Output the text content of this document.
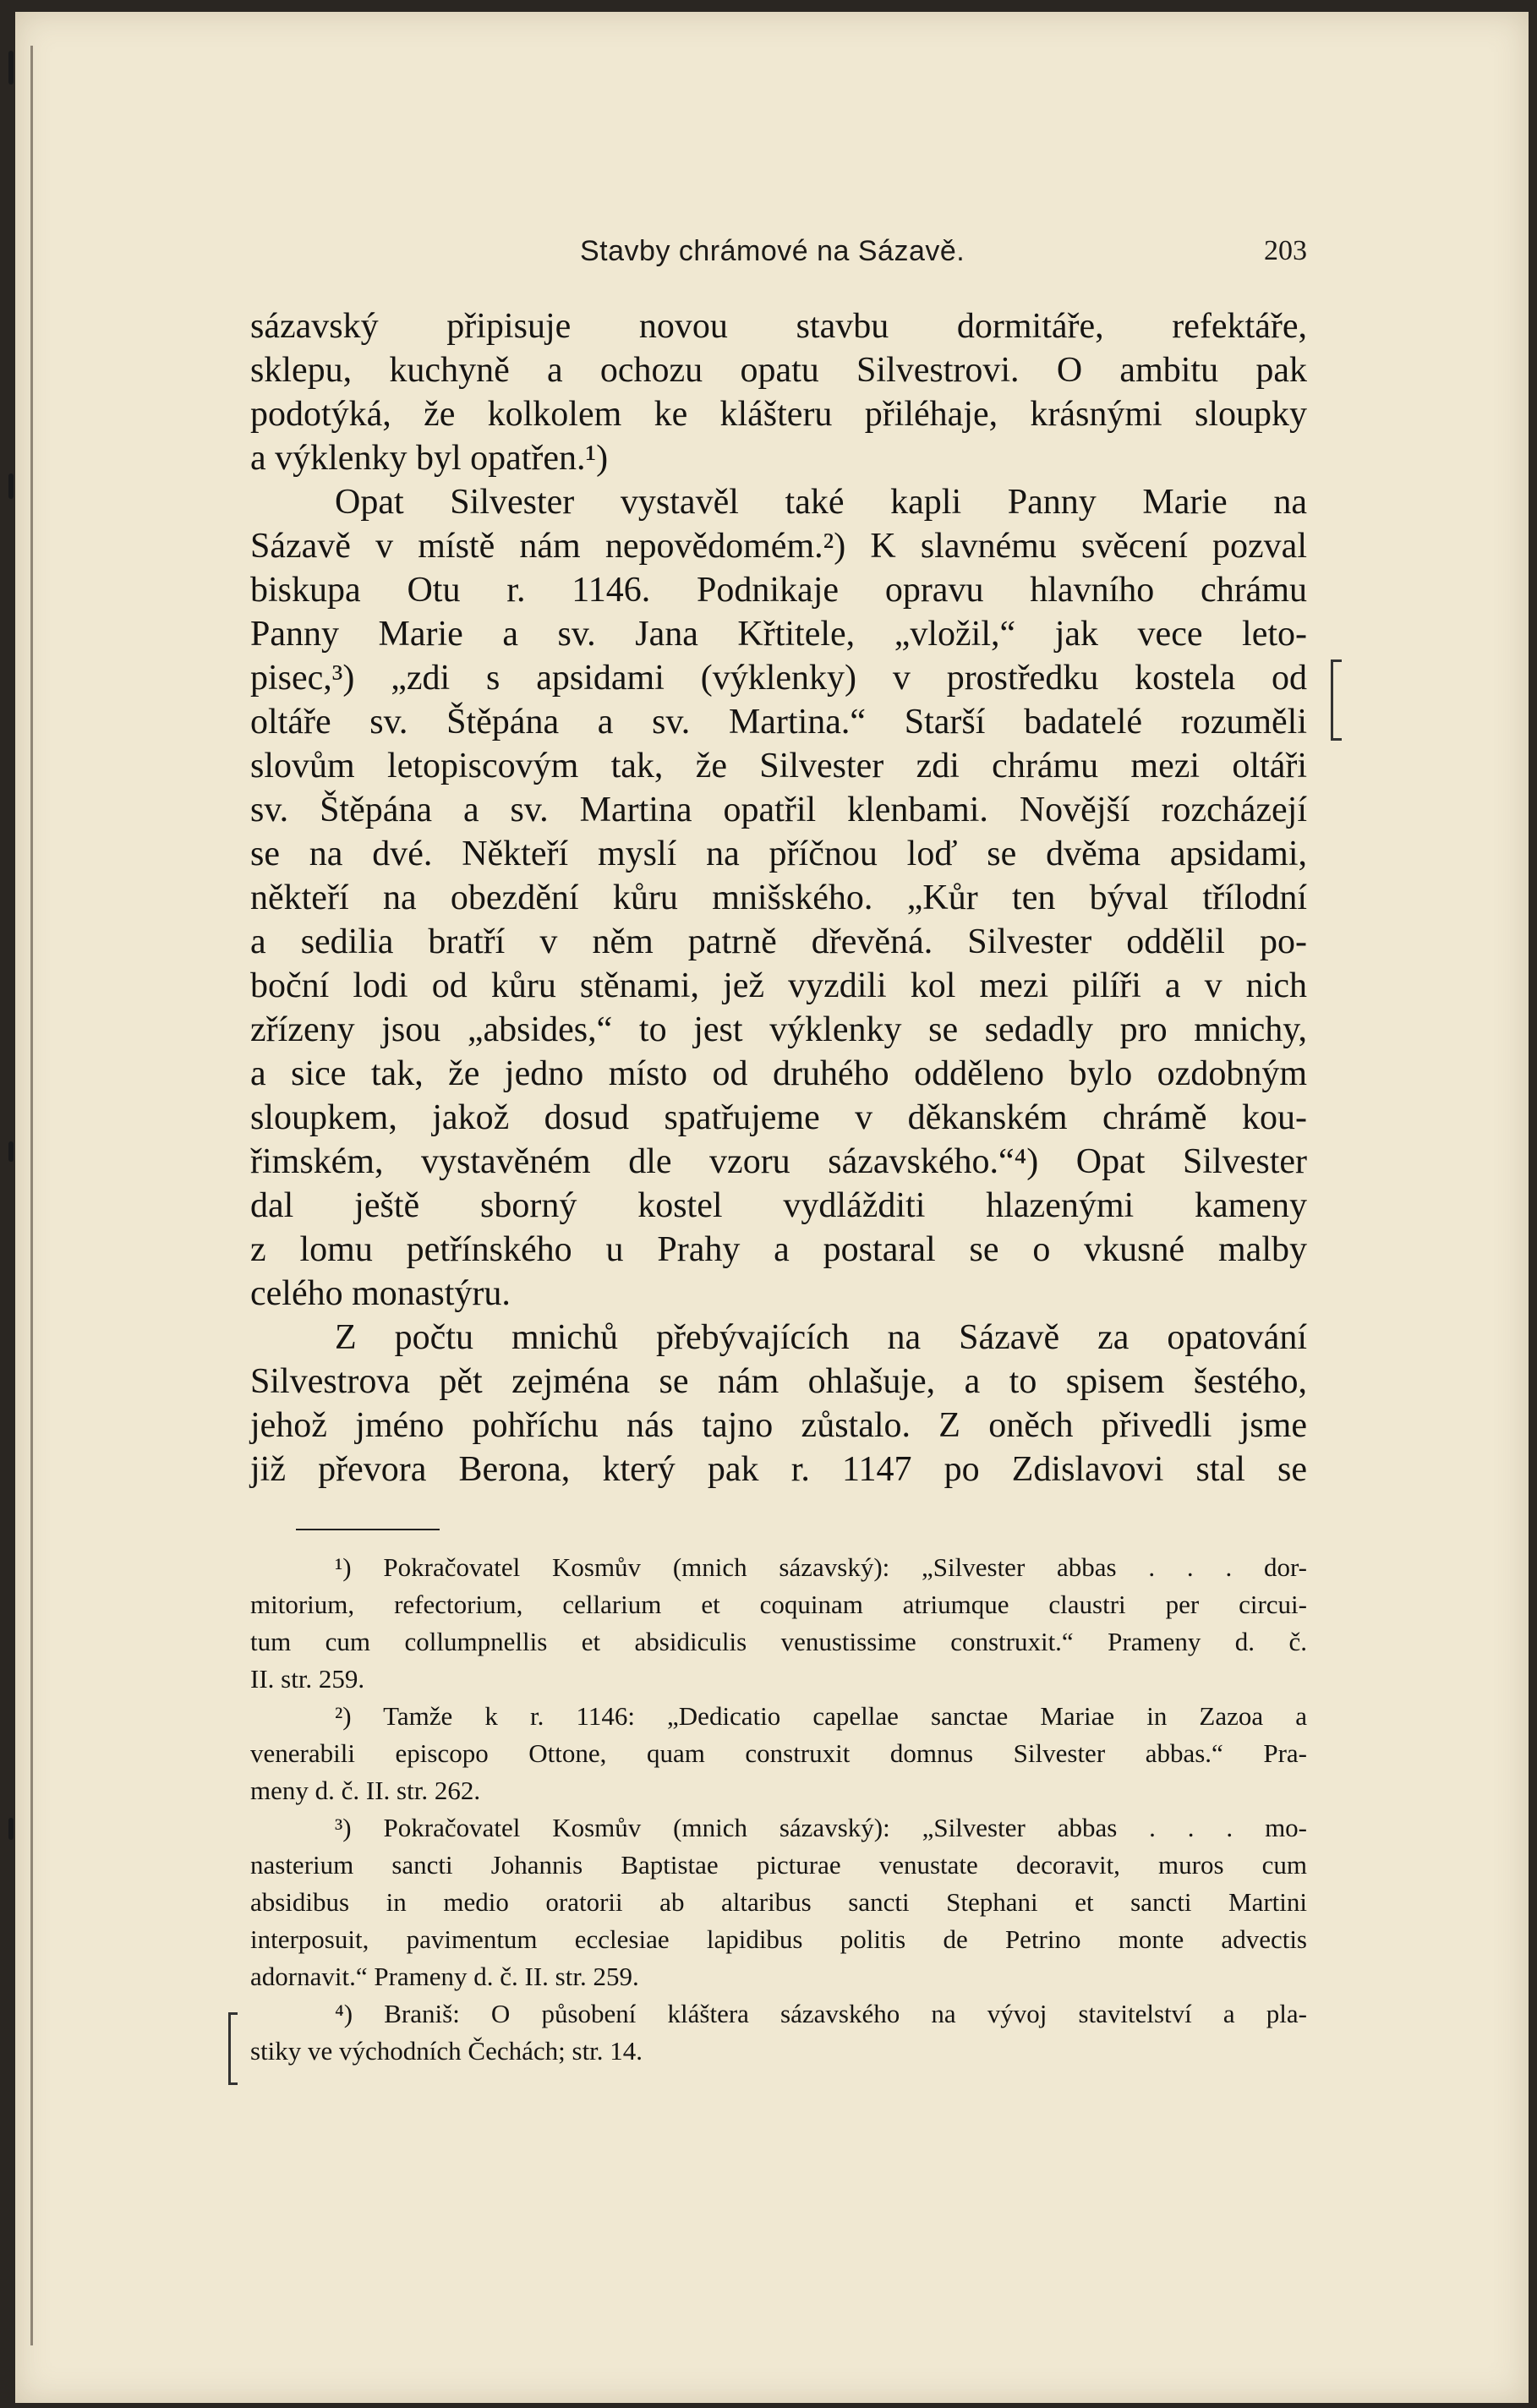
Stavby chrámové na Sázavě.	203
sázavský připisuje novou stavbu dormitáře, refektáře,
sklepu, kuchyně a ochozu opatu Silvestrovi. O ambitu pak
podotýká, že kolkolem ke klášteru přiléhaje, krásnými sloupky
a výklenky byl opatřen.¹)
Opat Silvester vystavěl také kapli Panny Marie na
Sázavě v místě nám nepovědomém.²) K slavnému svěcení pozval
biskupa Otu r. 1146. Podnikaje opravu hlavního chrámu
Panny Marie a sv. Jana Křtitele, „vložil,“ jak vece leto-
pisec,³) „zdi s apsidami (výklenky) v prostředku kostela od
oltáře sv. Štěpána a sv. Martina.“ Starší badatelé rozuměli
slovům letopiscovým tak, že Silvester zdi chrámu mezi oltáři
sv. Štěpána a sv. Martina opatřil klenbami. Novější rozcházejí
se na dvé. Někteří myslí na příčnou loď se dvěma apsidami,
někteří na obezdění kůru mnišského. „Kůr ten býval třílodní
a sedilia bratří v něm patrně dřevěná. Silvester oddělil po-
boční lodi od kůru stěnami, jež vyzdili kol mezi pilíři a v nich
zřízeny jsou „absides,“ to jest výklenky se sedadly pro mnichy,
a sice tak, že jedno místo od druhého odděleno bylo ozdobným
sloupkem, jakož dosud spatřujeme v děkanském chrámě kou-
řimském, vystavěném dle vzoru sázavského.“⁴) Opat Silvester
dal ještě sborný kostel vydlážditi hlazenými kameny
z lomu petřínského u Prahy a postaral se o vkusné malby
celého monastýru.
Z počtu mnichů přebývajících na Sázavě za opatování
Silvestrova pět zejména se nám ohlašuje, a to spisem šestého,
jehož jméno pohříchu nás tajno zůstalo. Z oněch přivedli jsme
již převora Berona, který pak r. 1147 po Zdislavovi stal se
¹) Pokračovatel Kosmův (mnich sázavský): „Silvester abbas . . . dor-
mitorium, refectorium, cellarium et coquinam atriumque claustri per circui-
tum cum collumpnellis et absidiculis venustissime construxit.“ Prameny d. č.
II. str. 259.
²) Tamže k r. 1146: „Dedicatio capellae sanctae Mariae in Zazoa a
venerabili episcopo Ottone, quam construxit domnus Silvester abbas.“ Pra-
meny d. č. II. str. 262.
³) Pokračovatel Kosmův (mnich sázavský): „Silvester abbas . . . mo-
nasterium sancti Johannis Baptistae picturae venustate decoravit, muros cum
absidibus in medio oratorii ab altaribus sancti Stephani et sancti Martini
interposuit, pavimentum ecclesiae lapidibus politis de Petrino monte advectis
adornavit.“ Prameny d. č. II. str. 259.
⁴) Braniš: O působení kláštera sázavského na vývoj stavitelství a pla-
stiky ve východních Čechách; str. 14.
